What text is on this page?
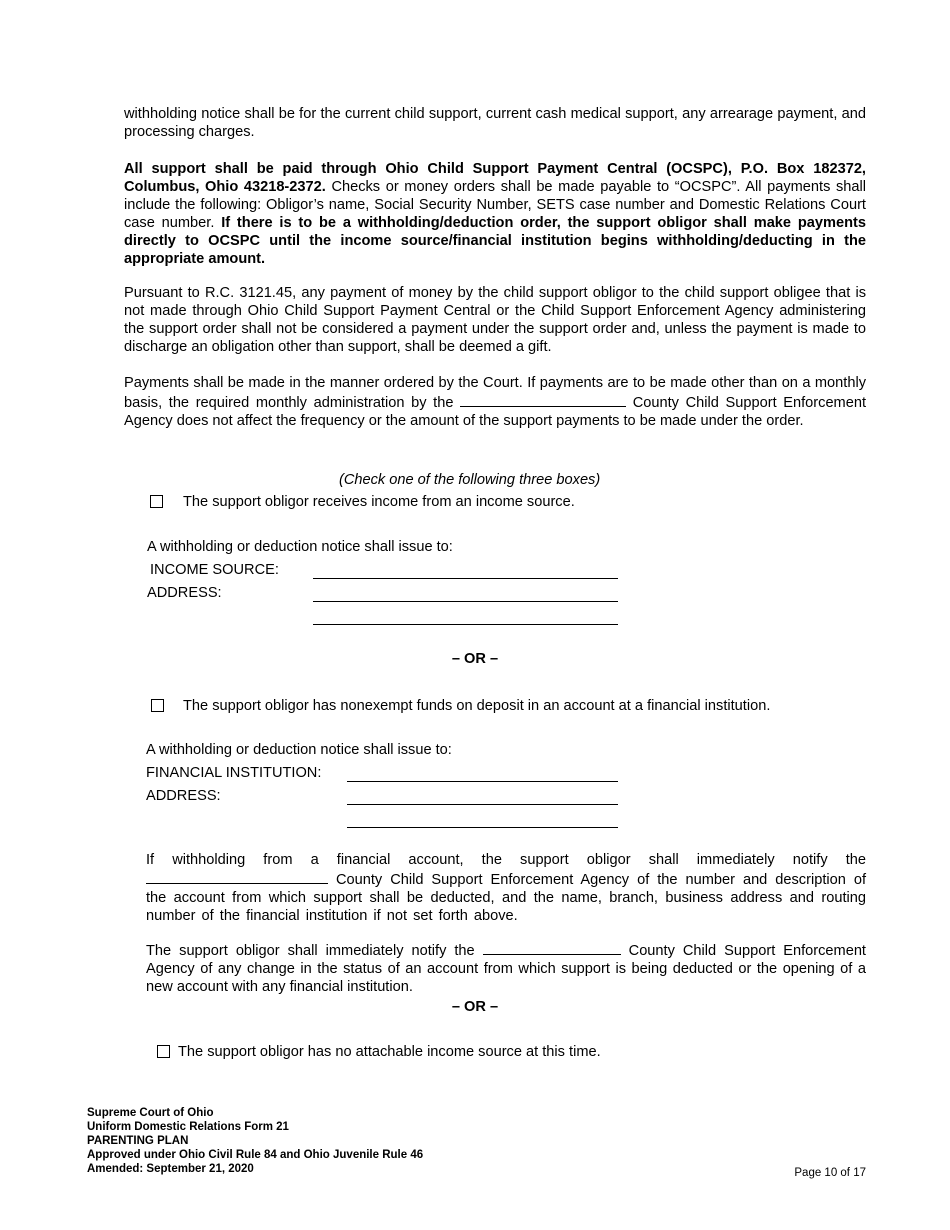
withholding notice shall be for the current child support, current cash medical support, any arrearage payment, and processing charges.

All support shall be paid through Ohio Child Support Payment Central (OCSPC), P.O. Box 182372, Columbus, Ohio 43218-2372. Checks or money orders shall be made payable to “OCSPC”. All payments shall include the following: Obligor’s name, Social Security Number, SETS case number and Domestic Relations Court case number. If there is to be a withholding/deduction order, the support obligor shall make payments directly to OCSPC until the income source/financial institution begins withholding/deducting in the appropriate amount.

Pursuant to R.C. 3121.45, any payment of money by the child support obligor to the child support obligee that is not made through Ohio Child Support Payment Central or the Child Support Enforcement Agency administering the support order shall not be considered a payment under the support order and, unless the payment is made to discharge an obligation other than support, shall be deemed a gift.

Payments shall be made in the manner ordered by the Court. If payments are to be made other than on a monthly basis, the required monthly administration by the	County Child Support Enforcement Agency does not affect the frequency or the amount of the support payments to be made under the order.

(Check one of the following three boxes)
The support obligor receives income from an income source.
A withholding or deduction notice shall issue to:
INCOME SOURCE:
ADDRESS:
– OR –
The support obligor has nonexempt funds on deposit in an account at a financial institution.
A withholding or deduction notice shall issue to:
FINANCIAL INSTITUTION:
ADDRESS:

If withholding from a financial account, the support obligor shall immediately notify the  County Child Support Enforcement Agency of the number and description of the account from which support shall be deducted, and the name, branch, business address and routing number of the financial institution if not set forth above.

The support obligor shall immediately notify the	County Child Support Enforcement Agency of any change in the status of an account from which support is being deducted or the opening of a new account with any financial institution.

– OR –
The support obligor has no attachable income source at this time.
Supreme Court of Ohio
Uniform Domestic Relations Form 21
PARENTING PLAN
Approved under Ohio Civil Rule 84 and Ohio Juvenile Rule 46
Amended: September 21, 2020	Page 10 of 17
